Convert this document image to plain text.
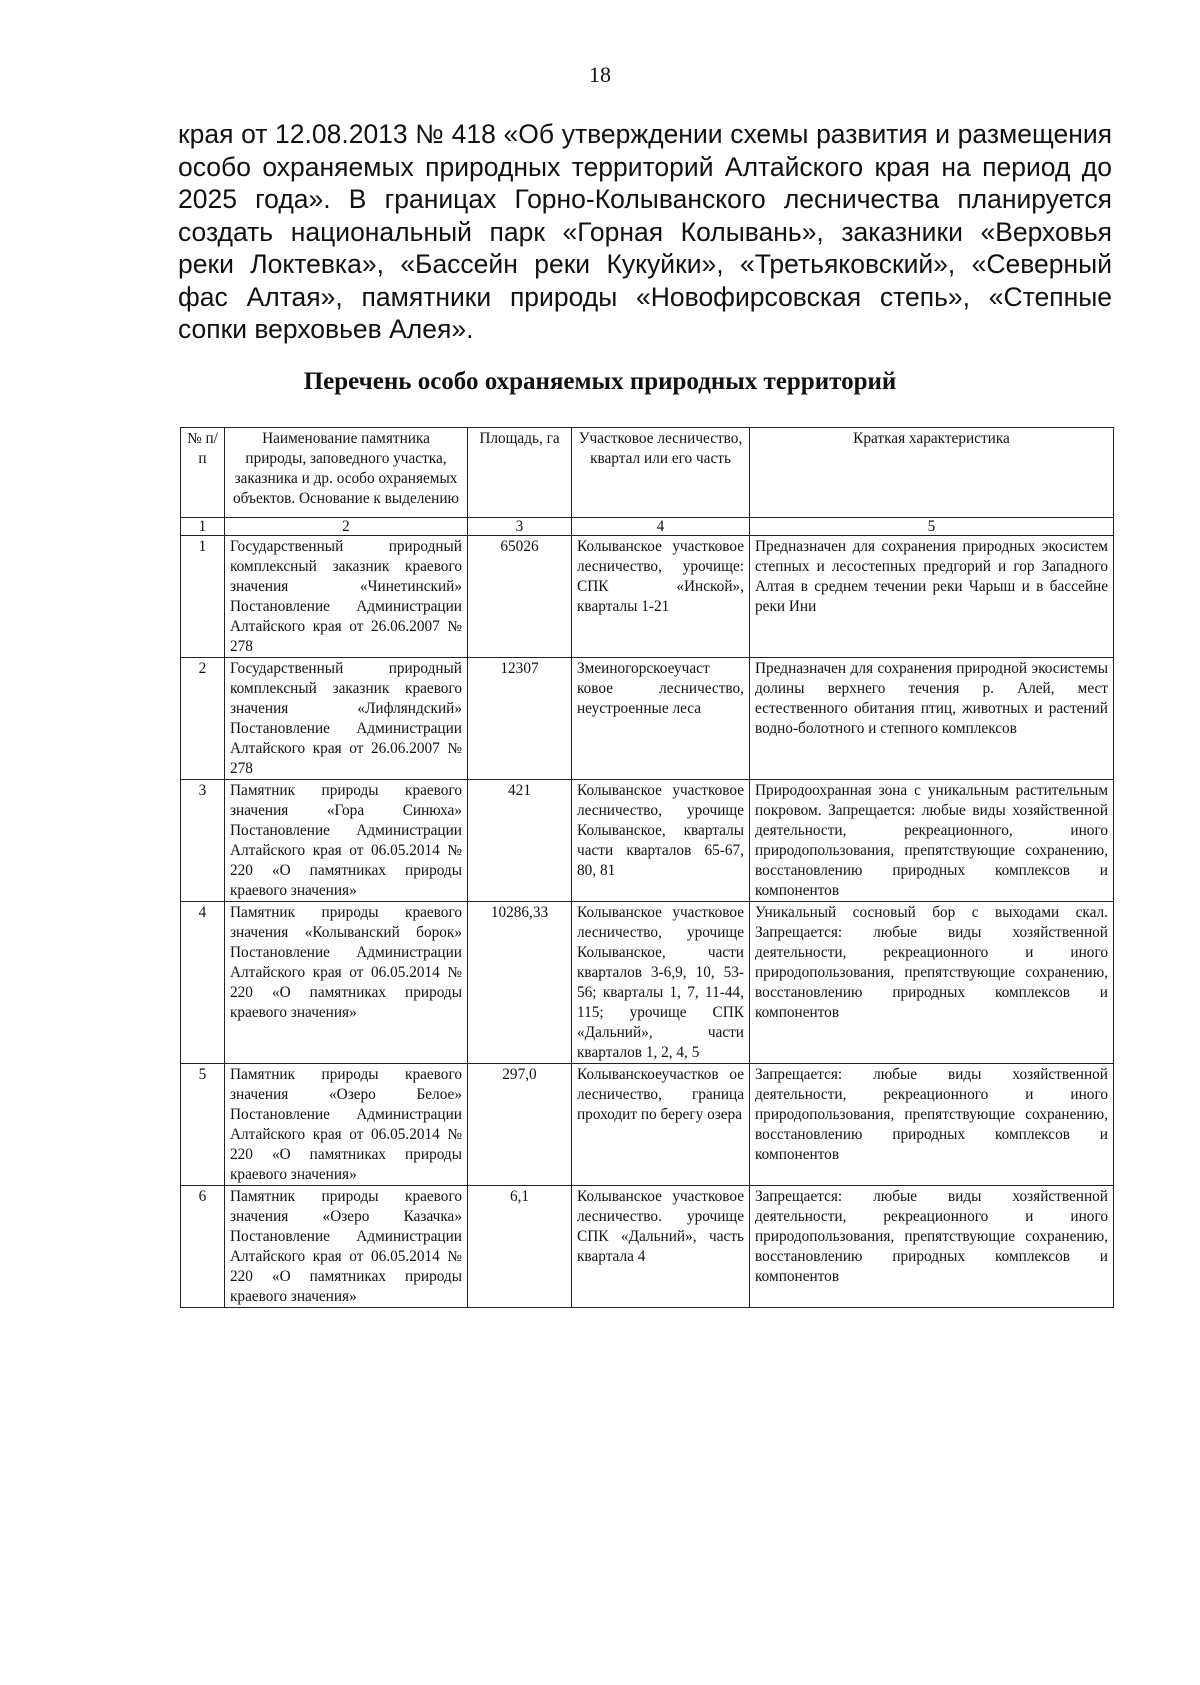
18
края от 12.08.2013 № 418 «Об утверждении схемы развития и размещения особо охраняемых природных территорий Алтайского края на период до 2025 года». В границах Горно-Колыванского лесничества планируется создать национальный парк «Горная Колывань», заказники «Верховья реки Локтевка», «Бассейн реки Кукуйки», «Третьяковский», «Северный фас Алтая», памятники природы «Новофирсовская степь», «Степные сопки верховьев Алея».
Перечень особо охраняемых природных территорий
№ п/п	Наименование памятника природы, заповедного участка, заказника и др. особо охраняемых объектов. Основание к выделению	Площадь, га	Участковое лесничество, квартал или его часть	Краткая характеристика
1	2	3	4	5
1	Государственный природный комплексный заказник краевого значения «Чинетинский» Постановление Администрации Алтайского края от 26.06.2007 № 278	65026	Колыванское участковое лесничество, урочище: СПК «Инской», кварталы 1-21	Предназначен для сохранения природных экосистем степных и лесостепных предгорий и гор Западного Алтая в среднем течении реки Чарыш и в бассейне реки Ини
2	Государственный природный комплексный заказник краевого значения «Лифляндский» Постановление Администрации Алтайского края от 26.06.2007 № 278	12307	Змеиногорскоеучаст ковое лесничество, неустроенные леса	Предназначен для сохранения природной экосистемы долины верхнего течения р. Алей, мест естественного обитания птиц, животных и растений водно-болотного и степного комплексов
3	Памятник природы краевого значения «Гора Синюха» Постановление Администрации Алтайского края от 06.05.2014 № 220 «О памятниках природы краевого значения»	421	Колыванское участковое лесничество, урочище Колыванское, кварталы части кварталов 65-67, 80, 81	Природоохранная зона с уникальным растительным покровом. Запрещается: любые виды хозяйственной деятельности, рекреационного, иного природопользования, препятствующие сохранению, восстановлению природных комплексов и компонентов
4	Памятник природы краевого значения «Колыванский борок» Постановление Администрации Алтайского края от 06.05.2014 № 220 «О памятниках природы краевого значения»	10286,33	Колыванское участковое лесничество, урочище Колыванское, части кварталов 3-6,9, 10, 53-56; кварталы 1, 7, 11-44, 115; урочище СПК «Дальний», части кварталов 1, 2, 4, 5	Уникальный сосновый бор с выходами скал. Запрещается: любые виды хозяйственной деятельности, рекреационного и иного природопользования, препятствующие сохранению, восстановлению природных комплексов и компонентов
5	Памятник природы краевого значения «Озеро Белое» Постановление Администрации Алтайского края от 06.05.2014 № 220 «О памятниках природы краевого значения»	297,0	Колыванскоеучастков ое лесничество, граница проходит по берегу озера	Запрещается: любые виды хозяйственной деятельности, рекреационного и иного природопользования, препятствующие сохранению, восстановлению природных комплексов и компонентов
6	Памятник природы краевого значения «Озеро Казачка» Постановление Администрации Алтайского края от 06.05.2014 № 220 «О памятниках природы краевого значения»	6,1	Колыванское участковое лесничество. урочище СПК «Дальний», часть квартала 4	Запрещается: любые виды хозяйственной деятельности, рекреационного и иного природопользования, препятствующие сохранению, восстановлению природных комплексов и компонентов
